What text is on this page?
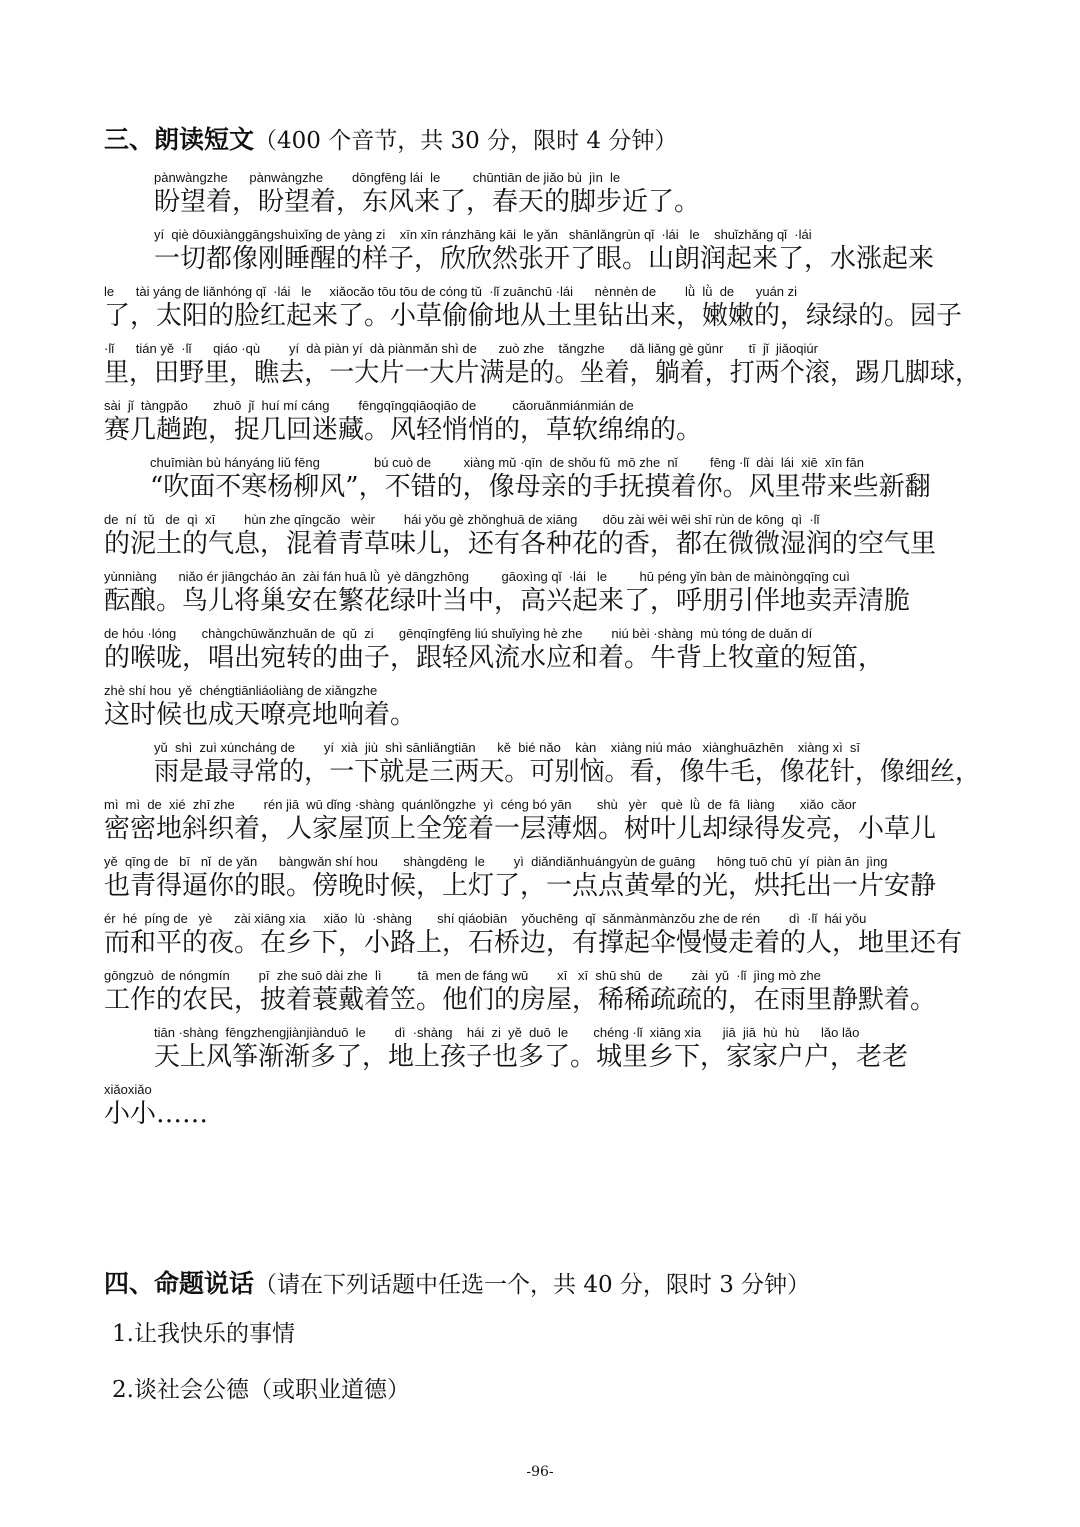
三、朗读短文（400 个音节，共 30 分，限时 4 分钟）
pànwàngzhe      pànwàngzhe        dōngfēng lái  le         chūntiān de jiǎo bù  jìn  le
盼望着，盼望着，东风来了，春天的脚步近了。
yí  qiè dōuxiànggāngshuìxǐng de yàng zi    xīn xīn ránzhāng kāi  le yǎn   shānlǎngrùn qǐ  ·lái   le    shuǐzhǎng qǐ  ·lái
一切都像刚睡醒的样子，欣欣然张开了眼。山朗润起来了，水涨起来
le      tài yáng de liǎnhóng qǐ  ·lái   le     xiǎocǎo tōu tōu de cóng tǔ  ·lǐ zuānchū ·lái      nènnèn de        lǜ  lǜ  de      yuán zi
了，太阳的脸红起来了。小草偷偷地从土里钻出来，嫩嫩的，绿绿的。园子
·lǐ      tián yě  ·lǐ      qiáo ·qù        yí  dà piàn yí  dà piànmǎn shì de      zuò zhe    tǎngzhe       dǎ liǎng gè gǔnr       tī  jǐ  jiǎoqiúr
里，田野里，瞧去，一大片一大片满是的。坐着，躺着，打两个滚，踢几脚球，
sài  jǐ  tàngpǎo       zhuō  jǐ  huí mí cáng        fēngqīngqiāoqiāo de          cǎoruǎnmiánmián de
赛几趟跑，捉几回迷藏。风轻悄悄的，草软绵绵的。
chuīmiàn bù hányáng liǔ fēng               bú cuò de         xiàng mǔ ·qīn  de shǒu fǔ  mō zhe  nǐ         fēng ·lǐ  dài  lái  xiē  xīn fān
“吹面不寒杨柳风”，不错的，像母亲的手抚摸着你。风里带来些新翻
de  ní  tǔ   de  qì  xī        hùn zhe qīngcǎo   wèir        hái yǒu gè zhǒnghuā de xiāng       dōu zài wēi wēi shī rùn de kōng  qì  ·lǐ
的泥土的气息，混着青草味儿，还有各种花的香，都在微微湿润的空气里
yùnniàng      niǎo ér jiāngcháo ān  zài fán huā lǜ  yè dāngzhōng         gāoxìng qǐ  ·lái   le         hū péng yǐn bàn de màinòngqīng cuì
酝酿。鸟儿将巢安在繁花绿叶当中，高兴起来了，呼朋引伴地卖弄清脆
de hóu ·lóng       chàngchūwǎnzhuǎn de  qǔ  zi       gēnqīngfēng liú shuǐyìng hè zhe        niú bèi ·shàng  mù tóng de duǎn dí
的喉咙，唱出宛转的曲子，跟轻风流水应和着。牛背上牧童的短笛，
zhè shí hou  yě  chéngtiānliáoliàng de xiǎngzhe
这时候也成天嘹亮地响着。
yǔ  shì  zuì xúncháng de        yí  xià  jiù  shì sānliǎngtiān      kě  bié nǎo    kàn    xiàng niú máo   xiànghuāzhēn    xiàng xì  sī
雨是最寻常的，一下就是三两天。可别恼。看，像牛毛，像花针，像细丝，
mì  mì  de  xié  zhī zhe        rén jiā  wū dǐng ·shàng  quánlǒngzhe  yì  céng bó yān       shù   yèr    què  lǜ  de  fā  liàng       xiǎo  cǎor
密密地斜织着，人家屋顶上全笼着一层薄烟。树叶儿却绿得发亮，小草儿
yě  qīng de   bī   nǐ  de yǎn      bàngwǎn shí hou       shàngdēng  le        yì  diǎndiǎnhuángyùn de guāng      hōng tuō chū  yí  piàn ān  jìng
也青得逼你的眼。傍晚时候，上灯了，一点点黄晕的光，烘托出一片安静
ér  hé  píng de   yè      zài xiāng xia     xiǎo  lù  ·shàng       shí qiáobiān    yǒuchēng  qǐ  sǎnmànmànzǒu zhe de rén        dì  ·lǐ  hái yǒu
而和平的夜。在乡下，小路上，石桥边，有撑起伞慢慢走着的人，地里还有
gōngzuò  de nóngmín        pī  zhe suō dài zhe  lì          tā  men de fáng wū        xī   xī  shū shū  de        zài  yǔ  ·lǐ  jìng mò zhe
工作的农民，披着蓑戴着笠。他们的房屋，稀稀疏疏的，在雨里静默着。
tiān ·shàng  fēngzhengjiànjiànduō  le        dì  ·shàng    hái  zi  yě  duō  le       chéng ·lǐ  xiāng xia      jiā  jiā  hù  hù      lǎo lǎo
天上风筝渐渐多了，地上孩子也多了。城里乡下，家家户户，老老
xiǎoxiǎo
小小……
四、命题说话（请在下列话题中任选一个，共 40 分，限时 3 分钟）
1.让我快乐的事情
2.谈社会公德（或职业道德）
-96-
